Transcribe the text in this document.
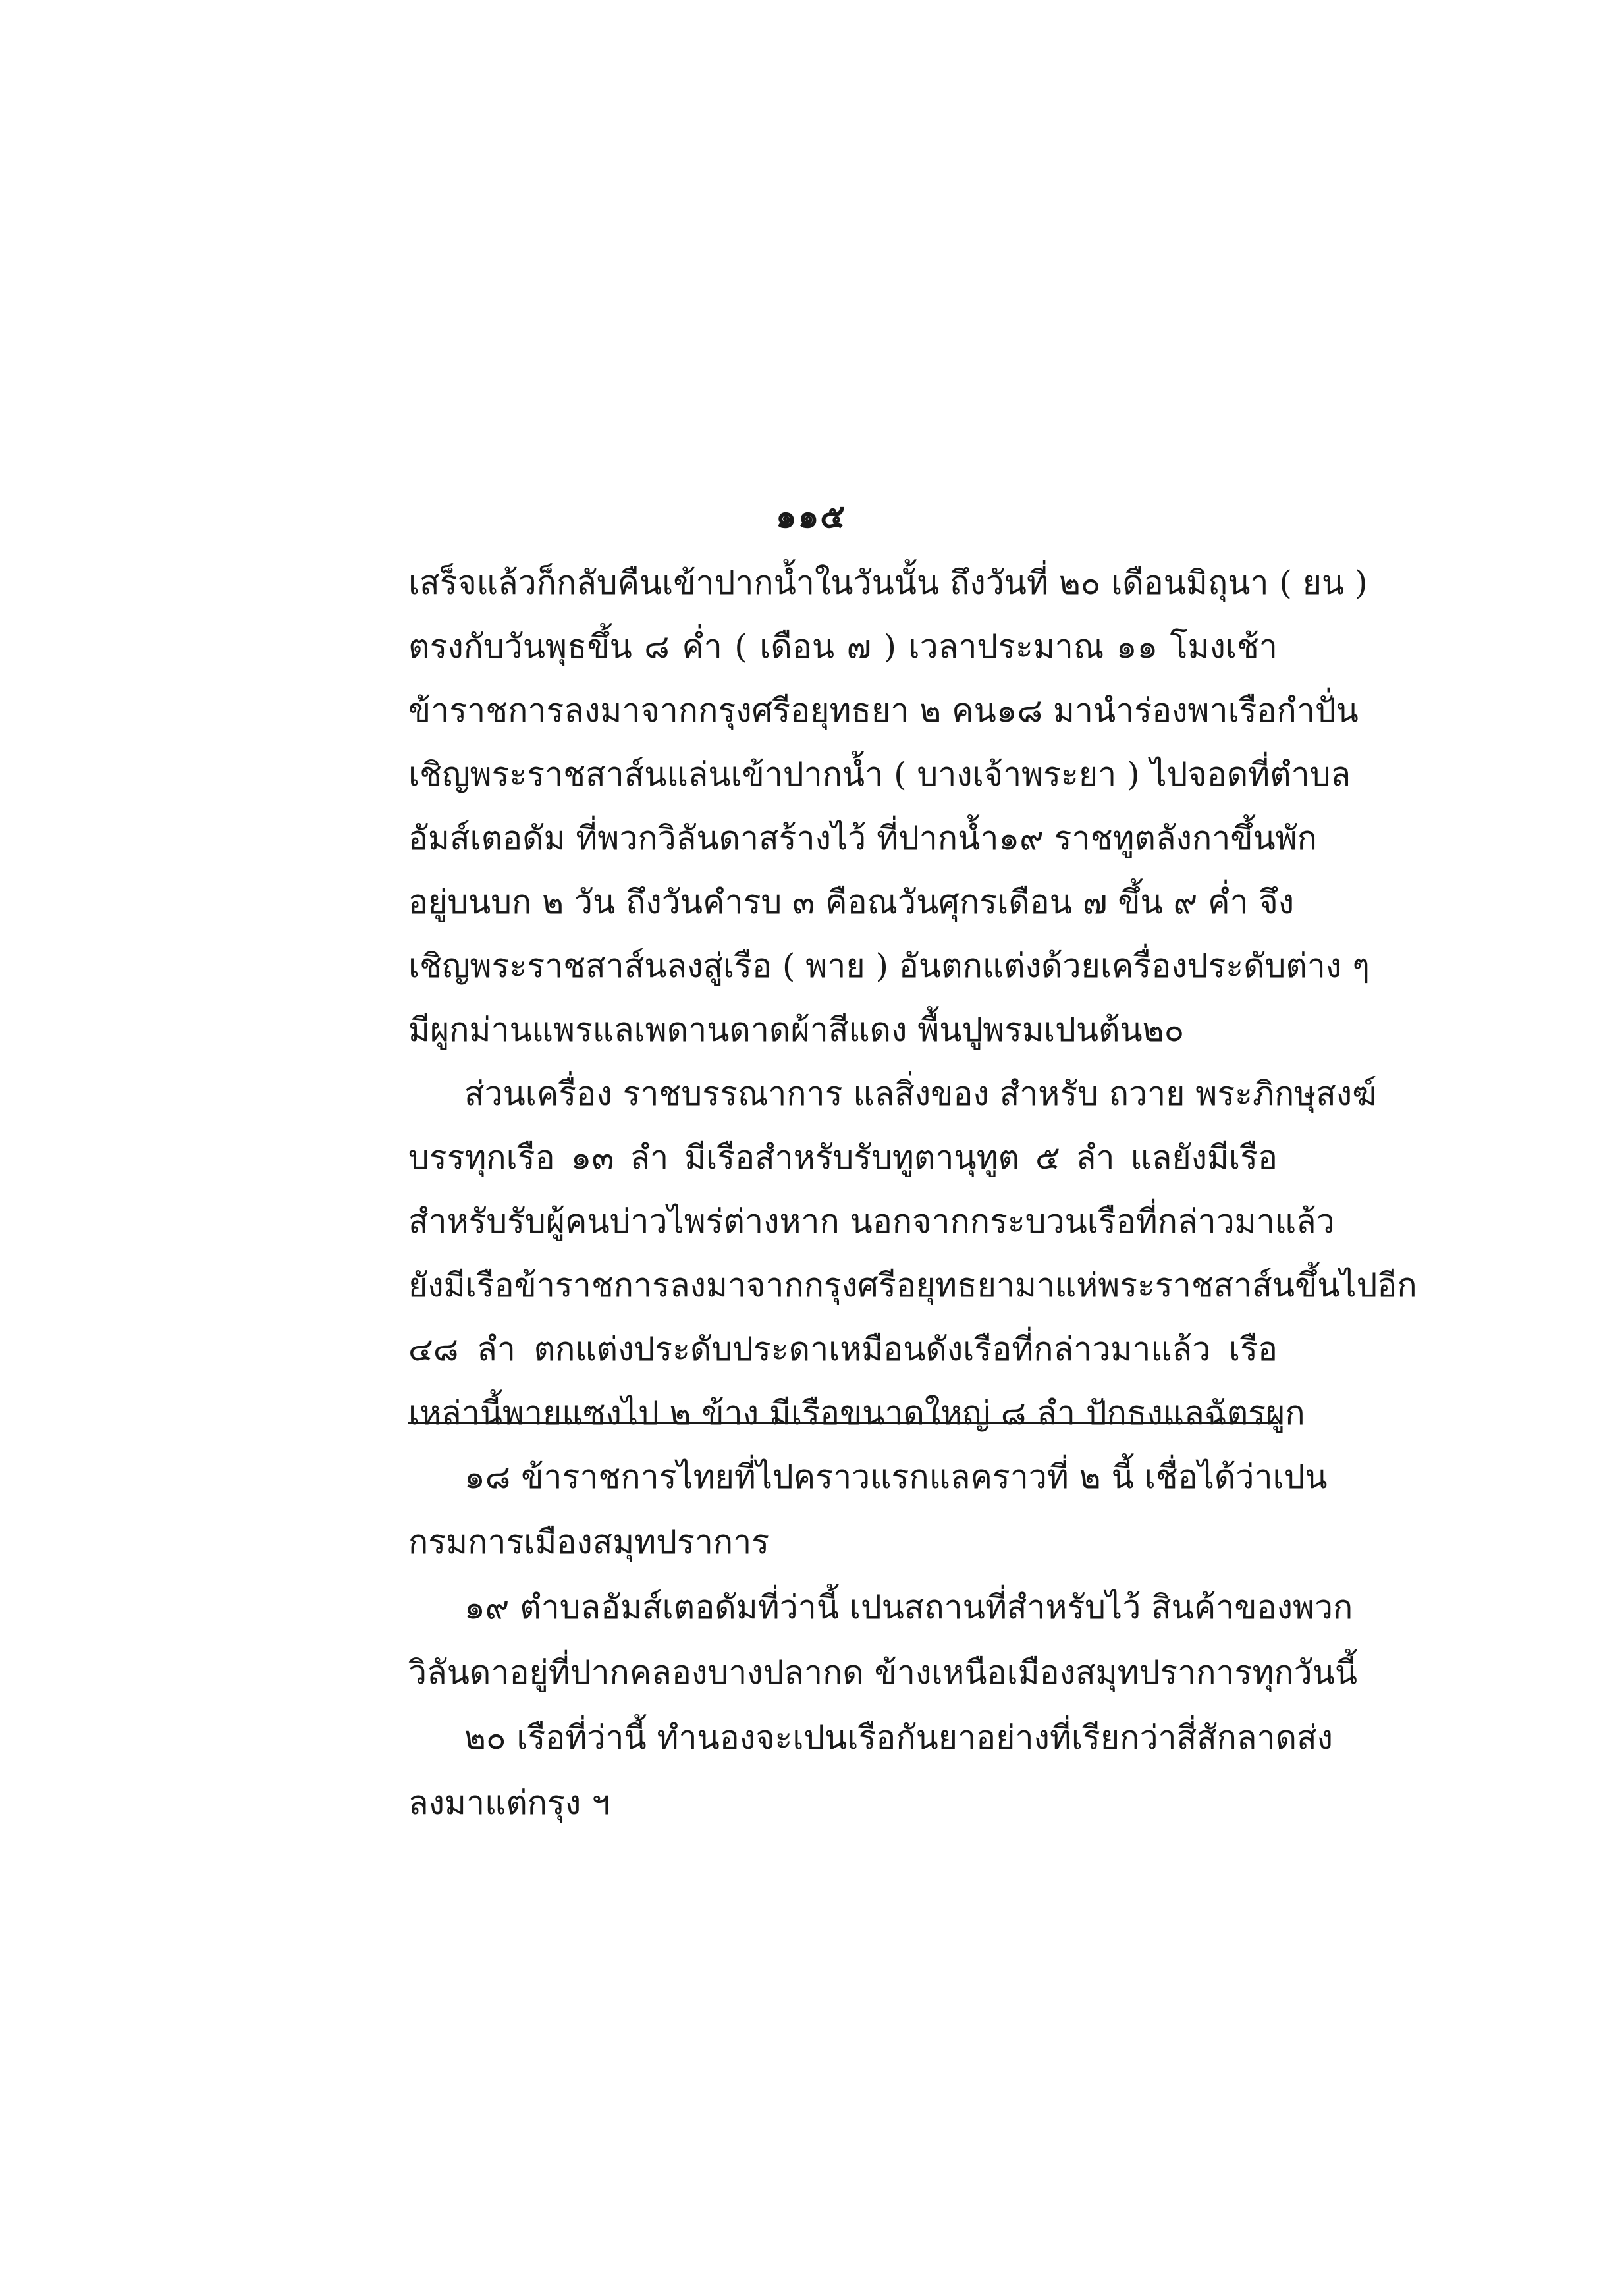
๑๑๕
เสร็จแล้วก็กลับคืนเข้าปากน้ำในวันนั้น ถึงวันที่ ๒๐ เดือนมิถุนา ( ยน )
ตรงกับวันพุธขึ้น ๘ ค่ำ ( เดือน ๗ ) เวลาประมาณ ๑๑ โมงเช้า
ข้าราชการลงมาจากกรุงศรีอยุทธยา ๒ คน๑๘ มานำร่องพาเรือกำปั่น
เชิญพระราชสาส์นแล่นเข้าปากน้ำ ( บางเจ้าพระยา ) ไปจอดที่ตำบล
อัมส์เตอดัม ที่พวกวิลันดาสร้างไว้ ที่ปากน้ำ๑๙ ราชทูตลังกาขึ้นพัก
อยู่บนบก ๒ วัน ถึงวันคำรบ ๓ คือณวันศุกรเดือน ๗ ขึ้น ๙ ค่ำ จึง
เชิญพระราชสาส์นลงสู่เรือ ( พาย ) อันตกแต่งด้วยเครื่องประดับต่าง ๆ
มีผูกม่านแพรแลเพดานดาดผ้าสีแดง พื้นปูพรมเปนต้น๒๐
ส่วนเครื่อง ราชบรรณาการ แลสิ่งของ สำหรับ ถวาย พระภิกษุสงฆ์
บรรทุกเรือ ๑๓ ลำ มีเรือสำหรับรับทูตานุทูต ๕ ลำ แลยังมีเรือ
สำหรับรับผู้คนบ่าวไพร่ต่างหาก นอกจากกระบวนเรือที่กล่าวมาแล้ว
ยังมีเรือข้าราชการลงมาจากกรุงศรีอยุทธยามาแห่พระราชสาส์นขึ้นไปอีก
๔๘ ลำ ตกแต่งประดับประดาเหมือนดังเรือที่กล่าวมาแล้ว เรือ
เหล่านี้พายแซงไป ๒ ข้าง มีเรือขนาดใหญ่ ๘ ลำ ปักธงแลฉัตรผูก
๑๘ ข้าราชการไทยที่ไปคราวแรกแลคราวที่ ๒ นี้ เชื่อได้ว่าเปน
กรมการเมืองสมุทปราการ
๑๙ ตำบลอัมส์เตอดัมที่ว่านี้ เปนสถานที่สำหรับไว้ สินค้าของพวก
วิลันดาอยู่ที่ปากคลองบางปลากด ข้างเหนือเมืองสมุทปราการทุกวันนี้
๒๐ เรือที่ว่านี้ ทำนองจะเปนเรือกันยาอย่างที่เรียกว่าสี่สักลาดส่ง
ลงมาแต่กรุง ฯ
